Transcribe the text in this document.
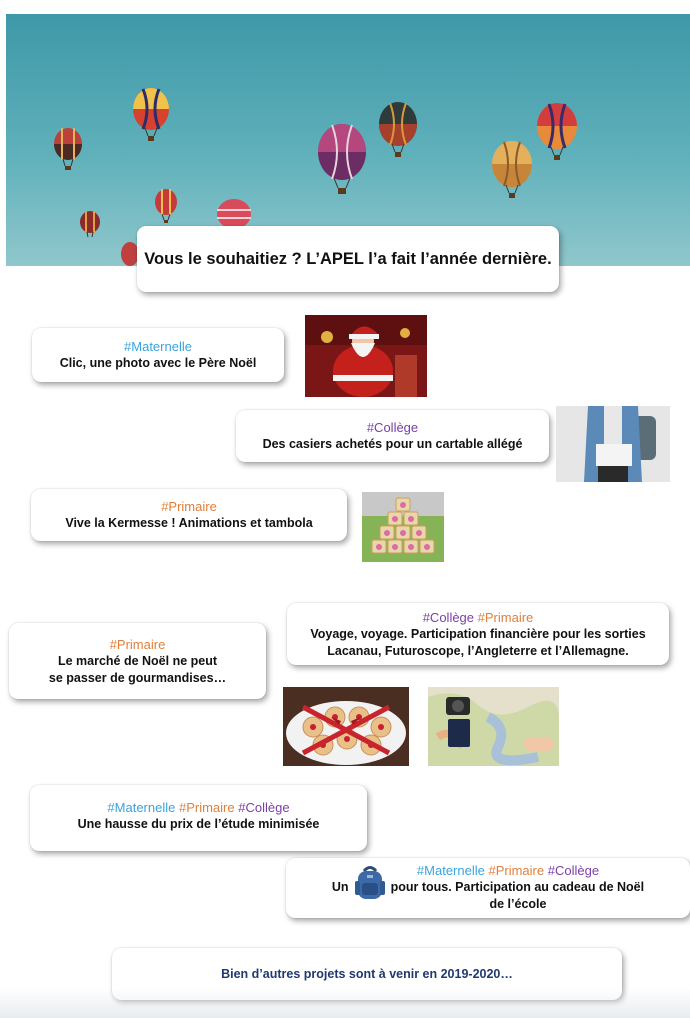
Vous le souhaitiez ? L’APEL l’a fait l’année dernière.
#Maternelle
Clic, une photo avec le Père Noël
#Collège
Des casiers achetés pour un cartable allégé
#Primaire
Vive la Kermesse ! Animations et tambola
#Collège #Primaire
Voyage, voyage. Participation financière pour les sorties
Lacanau, Futuroscope, l’Angleterre et l’Allemagne.
#Primaire
Le marché de Noël ne peut
se passer de gourmandises…
#Maternelle #Primaire #Collège
Une hausse du prix de l’étude minimisée
#Maternelle #Primaire #Collège
Un	pour tous. Participation au cadeau de Noël
de l’école
Bien d’autres projets sont à venir en 2019-2020…
